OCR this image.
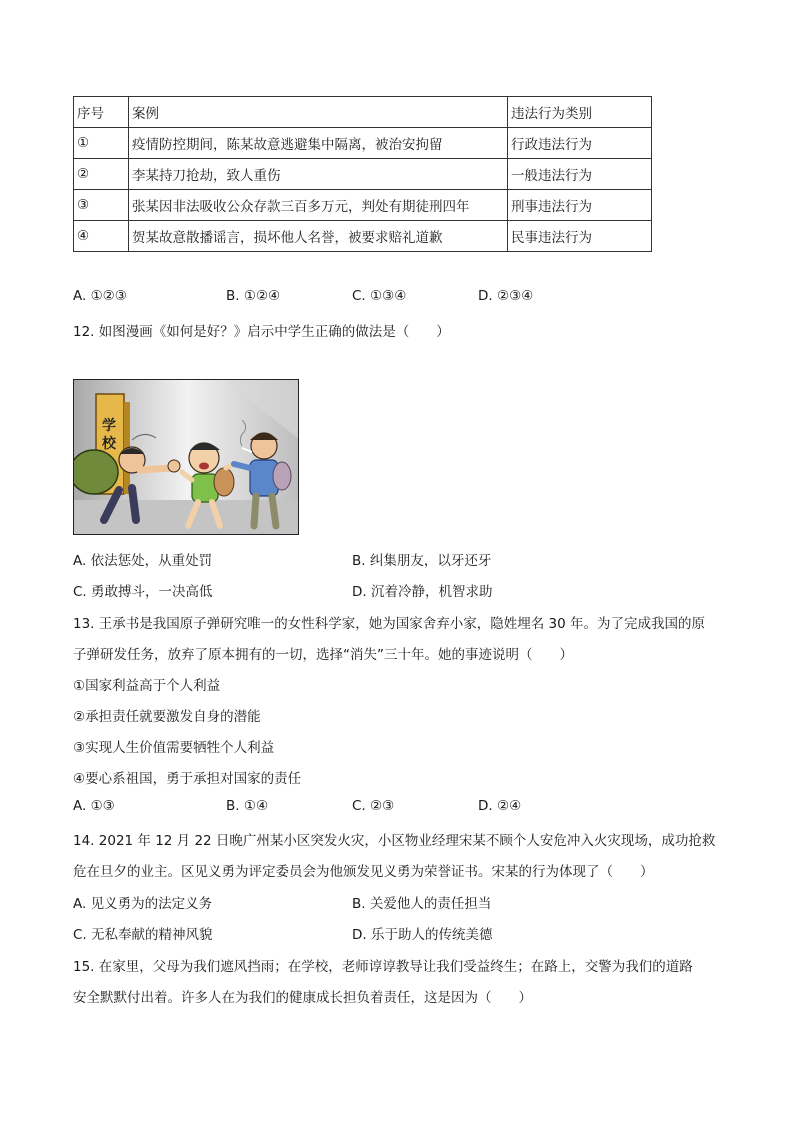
序号	案例	违法行为类别
①	疫情防控期间，陈某故意逃避集中隔离，被治安拘留	行政违法行为
②	李某持刀抢劫，致人重伤	一般违法行为
③	张某因非法吸收公众存款三百多万元，判处有期徒刑四年	刑事违法行为
④	贺某故意散播谣言，损坏他人名誉，被要求赔礼道歉	民事违法行为
A. ①②③	B. ①②④	C. ①③④	D. ②③④
12. 如图漫画《如何是好？》启示中学生正确的做法是（　　）
学
校
A. 依法惩处，从重处罚	B. 纠集朋友，以牙还牙
C. 勇敢搏斗，一决高低	D. 沉着冷静，机智求助
13. 王承书是我国原子弹研究唯一的女性科学家，她为国家舍弃小家，隐姓埋名 30 年。为了完成我国的原
子弹研发任务，放弃了原本拥有的一切，选择“消失”三十年。她的事迹说明（　　）
①国家利益高于个人利益
②承担责任就要激发自身的潜能
③实现人生价值需要牺牲个人利益
④要心系祖国，勇于承担对国家的责任
A. ①③	B. ①④	C. ②③	D. ②④
14. 2021 年 12 月 22 日晚广州某小区突发火灾，小区物业经理宋某不顾个人安危冲入火灾现场，成功抢救
危在旦夕的业主。区见义勇为评定委员会为他颁发见义勇为荣誉证书。宋某的行为体现了（　　）
A. 见义勇为的法定义务	B. 关爱他人的责任担当
C. 无私奉献的精神风貌	D. 乐于助人的传统美德
15. 在家里，父母为我们遮风挡雨；在学校，老师谆谆教导让我们受益终生；在路上，交警为我们的道路
安全默默付出着。许多人在为我们的健康成长担负着责任，这是因为（　　）
